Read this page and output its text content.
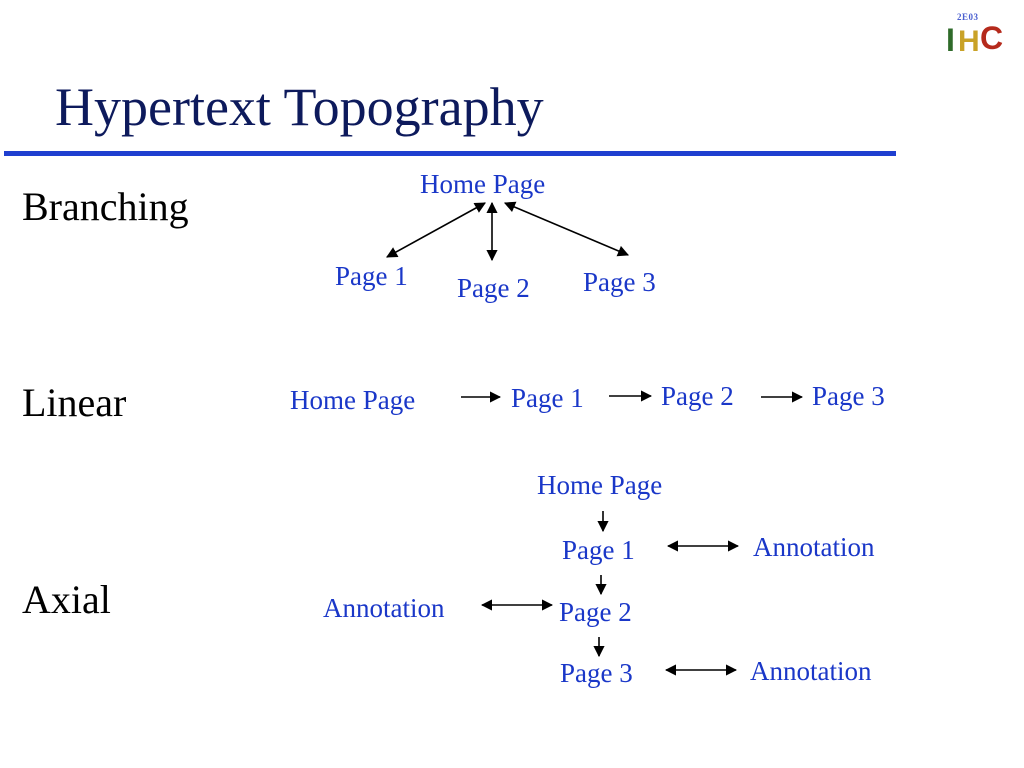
2E03
I H C
Hypertext Topography
Branching
Linear
Axial
Home Page
Page 1 Page 2 Page 3
Home Page	Page 1	Page 2	Page 3
Home Page
Page 1
Page 2
Page 3
Annotation
Annotation
Annotation
